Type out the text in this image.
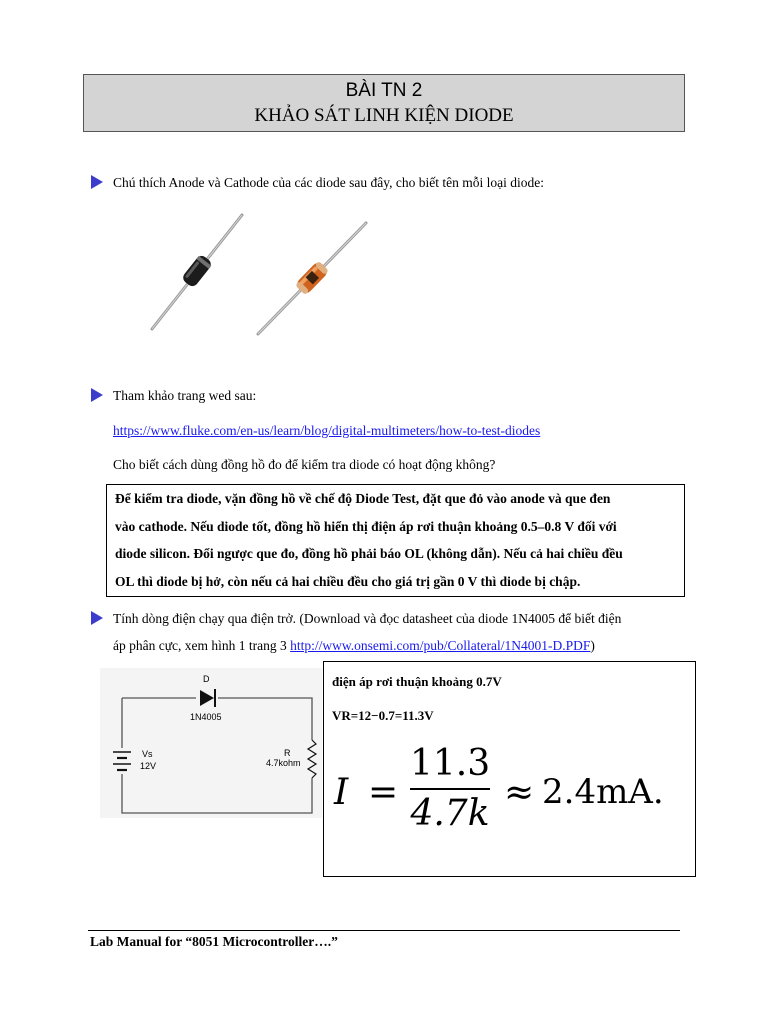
BÀI TN 2
KHẢO SÁT LINH KIỆN DIODE
Chú thích Anode và Cathode của các diode sau đây, cho biết tên mỗi loại diode:
Tham khảo trang wed sau:
https://www.fluke.com/en-us/learn/blog/digital-multimeters/how-to-test-diodes
Cho biết cách dùng đồng hồ đo để kiểm tra diode có hoạt động không?
Để kiểm tra diode, vặn đồng hồ về chế độ Diode Test, đặt que đỏ vào anode và que đen
vào cathode. Nếu diode tốt, đồng hồ hiển thị điện áp rơi thuận khoảng 0.5–0.8 V đối với
diode silicon. Đổi ngược que đo, đồng hồ phải báo OL (không dẫn). Nếu cả hai chiều đều
OL thì diode bị hở, còn nếu cả hai chiều đều cho giá trị gần 0 V thì diode bị chập.
Tính dòng điện chạy qua điện trở. (Download và đọc datasheet của diode 1N4005 để biết điện
áp phân cực, xem hình 1 trang 3 http://www.onsemi.com/pub/Collateral/1N4001-D.PDF)
D
1N4005
Vs
12V
R
4.7kohm
điện áp rơi thuận khoảng 0.7V
VR=12−0.7=11.3V
I =
11.3
4.7k
≈ 2.4mA.
Lab Manual for “8051 Microcontroller….”
